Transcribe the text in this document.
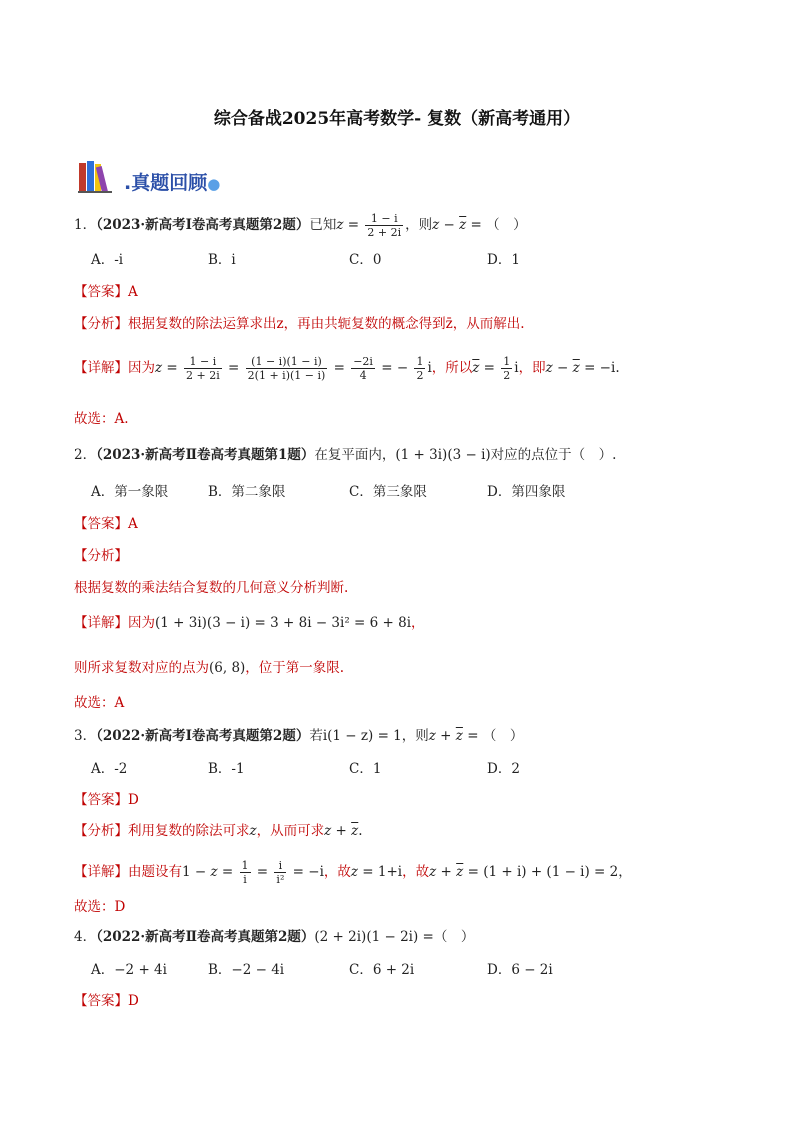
综合备战2025年高考数学- 复数（新高考通用）
.真题回顾●
1．（2023·新高考Ⅰ卷高考真题第2题）已知$z = \frac{1 - i}{2 + 2i}$ ，则$z - \overline{z}$ = （　）
A．-i	B．i	C．0	D．1
【答案】A
【分析】根据复数的除法运算求出z，再由共轭复数的概念得到z̄，从而解出.
【详解】因为$z = \frac{1 - i}{2 + 2i} = \frac{(1 - i)(1 - i)}{2(1 + i)(1 - i)} = \frac{-2i}{4}$ = − $\frac{1}{2}$ i，所以$\overline{z} = \frac{1}{2}$ i，即$z - \overline{z} = -i$.
故选：A.
2．（2023·新高考Ⅱ卷高考真题第1题）在复平面内，(1 + 3i)(3 − i)对应的点位于（　）.
A．第一象限	B．第二象限	C．第三象限	D．第四象限
【答案】A
【分析】
根据复数的乘法结合复数的几何意义分析判断.
【详解】因为(1 + 3i)(3 − i) = 3 + 8i − 3i² = 6 + 8i，
则所求复数对应的点为(6, 8)，位于第一象限.
故选：A
3．（2022·新高考Ⅰ卷高考真题第2题）若i(1 − z) = 1，则$z + \overline{z}$ = （　）
A．-2	B．-1	C．1	D．2
【答案】D
【分析】利用复数的除法可求z，从而可求$z + \overline{z}$.
【详解】由题设有$1 - z = \frac{1}{i} = \frac{i}{\text{i²}} = -i$，故z = 1+i，故$z + \overline{z} = (1 + i) + (1 - i) = 2$，
故选：D
4．（2022·新高考Ⅱ卷高考真题第2题）(2 + 2i)(1 − 2i) =（　）
A．−2 + 4i	B．−2 − 4i	C．6 + 2i	D．6 − 2i
【答案】D
